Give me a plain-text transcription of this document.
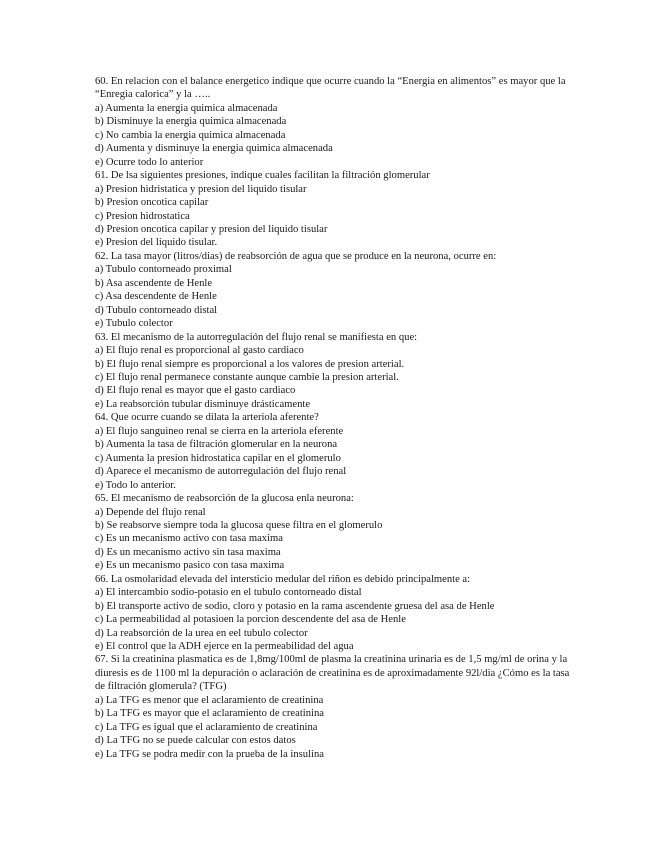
60. En relacion con el balance energetico indique que ocurre cuando la “Energia en alimentos” es mayor que la “Enregia calorica” y la …..
a) Aumenta la energia quimica almacenada
b) Disminuye la energia quimica almacenada
c) No cambia la energia quimica almacenada
d) Aumenta y disminuye la energia quimica almacenada
e) Ocurre todo lo anterior
61. De lsa siguientes presiones, indique cuales facilitan la filtración glomerular
a) Presion hidristatica y presion del liquido tisular
b) Presion oncotica capilar
c) Presion hidrostatica
d) Presion oncotica capilar y presion del liquido tisular
e) Presion del liquido tisular.
62. La tasa mayor (litros/dias) de reabsorción de agua que se produce en la neurona, ocurre en:
a) Tubulo contorneado proximal
b) Asa ascendente de Henle
c) Asa descendente de Henle
d) Tubulo contorneado distal
e) Tubulo colector
63. El mecanismo de la autorregulación del flujo renal se manifiesta en que:
a) El flujo renal es proporcional al gasto cardiaco
b) El flujo renal siempre es proporcional a los valores de presion arterial.
c) El flujo renal permanece constante aunque cambie la presion arterial.
d) El flujo renal es mayor que el gasto cardiaco
e) La reabsorción tubular disminuye drásticamente
64. Que ocurre cuando se dilata la arteriola aferente?
a) El flujo sanguineo renal se cierra en la arteriola eferente
b) Aumenta la tasa de filtración glomerular en la neurona
c) Aumenta la presion hidrostatica capilar en el glomerulo
d) Aparece el mecanismo de autorregulación del flujo renal
e) Todo lo anterior.
65. El mecanismo de reabsorción de la glucosa enla neurona:
a) Depende del flujo renal
b) Se reabsorve siempre toda la glucosa quese filtra en el glomerulo
c) Es un mecanismo activo con tasa maxima
d) Es un mecanismo activo sin tasa maxima
e) Es un mecanismo pasico con tasa maxima
66. La osmolaridad elevada del intersticio medular del riñon es debido principalmente a:
a) El intercambio sodio-potasio en el tubulo contorneado distal
b) El transporte activo de sodio, cloro y potasio en la rama ascendente gruesa del asa de Henle
c) La permeabilidad al potasioen la porcion descendente del asa de Henle
d) La reabsorción de la urea en eel tubulo colector
e) El control que la ADH ejerce en la permeabilidad del agua
67. Si la creatinina plasmatica es de 1,8mg/100ml de plasma la creatinina urinaria es de 1,5 mg/ml de orina y la diuresis es de 1100 ml la depuración o aclaración de creatinina es de aproximadamente 92l/dia ¿Cómo es la tasa de filtración glomerula? (TFG)
a) La TFG es menor que el aclaramiento de creatinina
b) La TFG es mayor que el aclaramiento de creatinina
c) La TFG es igual que el aclaramiento de creatinina
d) La TFG no se puede calcular con estos datos
e) La TFG se podra medir con la prueba de la insulina
